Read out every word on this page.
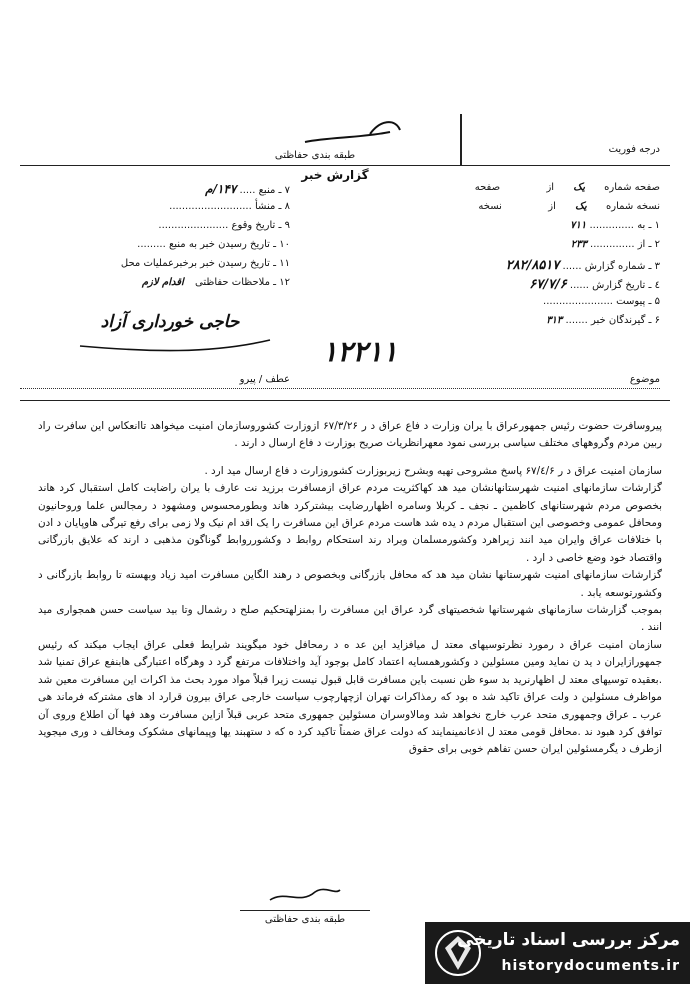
طبقه بندی حفاظتی
درجه فوریت
گزارش خبر
صفحه شماره یک از  صفحه
نسخه شماره یک از  نسخه
۱ ـ به .............. ۷۱۱
۲ ـ از .............. ۲۳۳
۳ ـ شماره گزارش ...... ۲۸۲/۸۵۱۷
٤ ـ تاریخ گزارش ...... ۶۷/۷/۶
۵ ـ پیوست ......................
۶ ـ گیرندگان خبر ....... ۳۱۳
۷ ـ منبع ..... ۱۴۷/م
۸ ـ منشأ ..........................
۹ ـ تاریخ وقوع ......................
۱۰ ـ تاریخ رسیدن خبر به منبع .........
۱۱ ـ تاریخ رسیدن خبر برخبرعملیات محل
۱۲ ـ ملاحظات حفاظتی اقدام لازم
حاجی خورداری آزاد
۱۲۲۱۱
موضوع
عطف / پیرو

پیروسافرت حضوت رئیس جمهورعراق با یران وزارت د فاع عراق د ر ۶۷/۳/۲۶ ازوزارت کشوروسازمان امنیت میخواهد تاانعکاس این سافرت راد ربین مردم وگروههای مختلف سیاسی بررسی نمود معهرانظریات صریح بوزارت د فاع ارسال د ارند .

سازمان امنیت عراق د ر ۶۷/٤/۶ پاسخ مشروحی تهیه وبشرح زیربوزارت کشوروزارت د فاع ارسال مید ارد .

گزارشات سازمانهای امنیت شهرستانهانشان مید هد کهاکثریت مردم عراق ازمسافرت برزید نت عارف با یران راضایت کامل استقبال کرد هاند بخصوص مردم شهرستانهای کاظمین ـ نجف ـ کربلا وسامره اظهاررضایت بیشترکرد هاند وبطورمحسوس ومشهود د رمجالس علما وروحانیون ومحافل عمومی وخصوصی این استقبال مردم د یده شد هاست مردم عراق این مسافرت را یک اقد ام نیک ولا زمی برای رفع تیرگی هاوپایان د ادن با ختلافات عراق وایران مید انند زیراهرد وکشورمسلمان وبراد رند استحکام روابط د وکشورروابط گوناگون مذهبی د ارند که علایق بازرگانی واقتصاد خود وضع خاصی د ارد .

گزارشات سازمانهای امنیت شهرستانها نشان مید هد که محافل بازرگانی وبخصوص د رهند الگاین مسافرت امید زیاد وبهسته تا روابط بازرگانی د وکشورتوسعه یابد .

بموجب گزارشات سازمانهای شهرستانها شخصیتهای گرد عراق این مسافرت را بمنزلهتحکیم صلح د رشمال وتا بید سیاست حسن همجواری مید انند .

سازمان امنیت عراق د رمورد نظرتوسیهای معتد ل میافزاید این عد ه د رمحافل خود میگویند شرایط فعلی عراق ایجاب میکند که رئیس جمهورازایران د ید ن نماید ومین مسئولین د وکشورهمسایه اعتماد کامل بوجود آید واختلافات مرتفع گرد د وهرگاه اعتبارگی هابنفع عراق تمنیا شد .بعقیده توسیهای معتد ل اظهارنرید بد سوء ظن نسبت باین مسافرت قابل قبول نیست زیرا قبلاً مواد مورد بحث مذ اکرات این مسافرت معین شد مواظرف مسئولین د ولت عراق تاکید شد ه بود که رمذاکرات تهران ازچهارچوب سیاست خارجی عراق بیرون قرارد اد های مشترکه فرماند هی عرب ـ عراق وجمهوری متحد عرب خارج نخواهد شد ومالاوسران مسئولین جمهوری متحد عربی قبلاً ازاین مسافرت وهد فها آن اطلاع وروی آن توافق کرد هبود ند .محافل قومی معتد ل اذعانمینمایند که دولت عراق ضمناً تاکید کرد ه که د ستهبند یها وپیمانهای مشکوک ومخالف د وری میجوید ازطرف د یگرمسئولین ایران حسن تفاهم خوبی برای حقوق

طبقه بندی حفاظتی
مرکز بررسی اسناد تاریخی
historydocuments.ir
